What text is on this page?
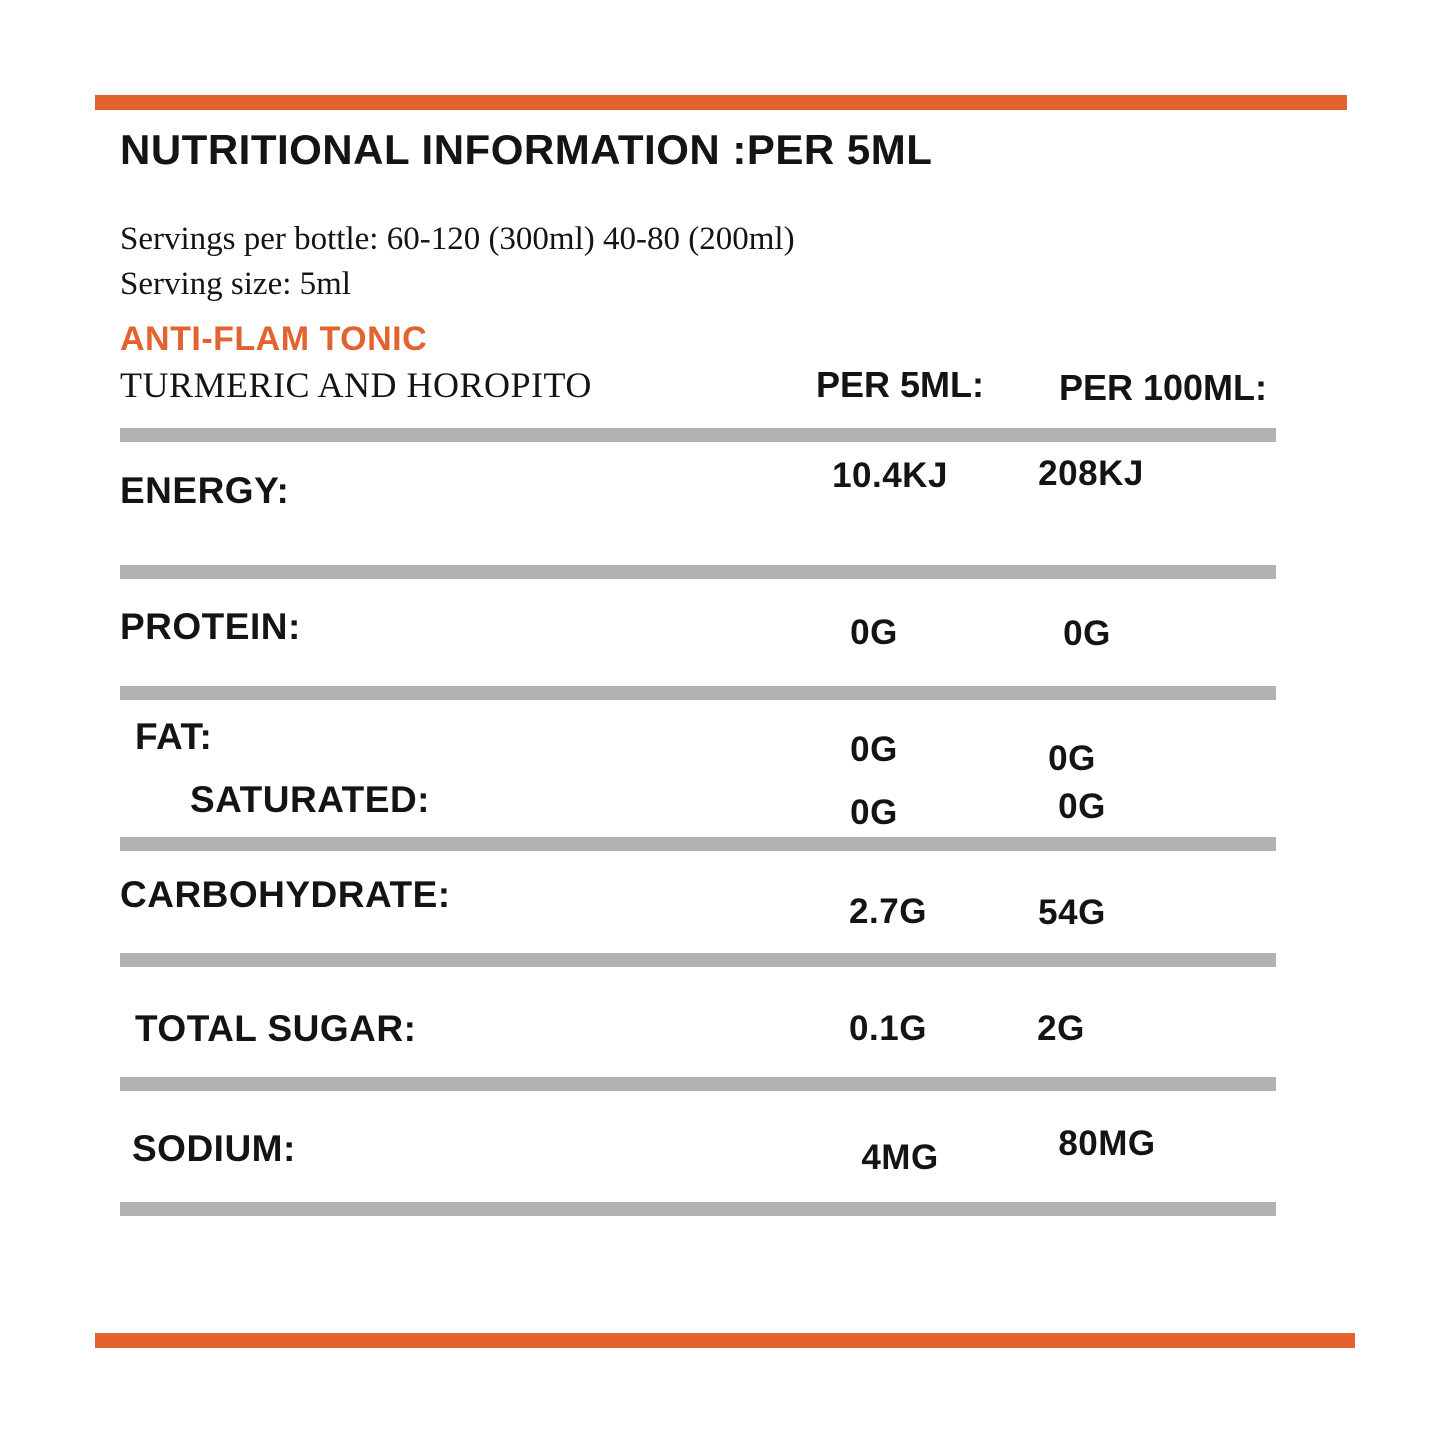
NUTRITIONAL INFORMATION :PER 5ML

Servings per bottle: 60-120 (300ml) 40-80 (200ml)

Serving size: 5ml

ANTI-FLAM TONIC
TURMERIC AND HOROPITO	PER 5ML: PER 100ML:
ENERGY:	10.4KJ	208KJ
PROTEIN:	0G	0G
FAT:	0G	0G
SATURATED:	0G	0G
CARBOHYDRATE:	2.7G	54G
TOTAL SUGAR:	0.1G	2G
SODIUM:	4MG	80MG
